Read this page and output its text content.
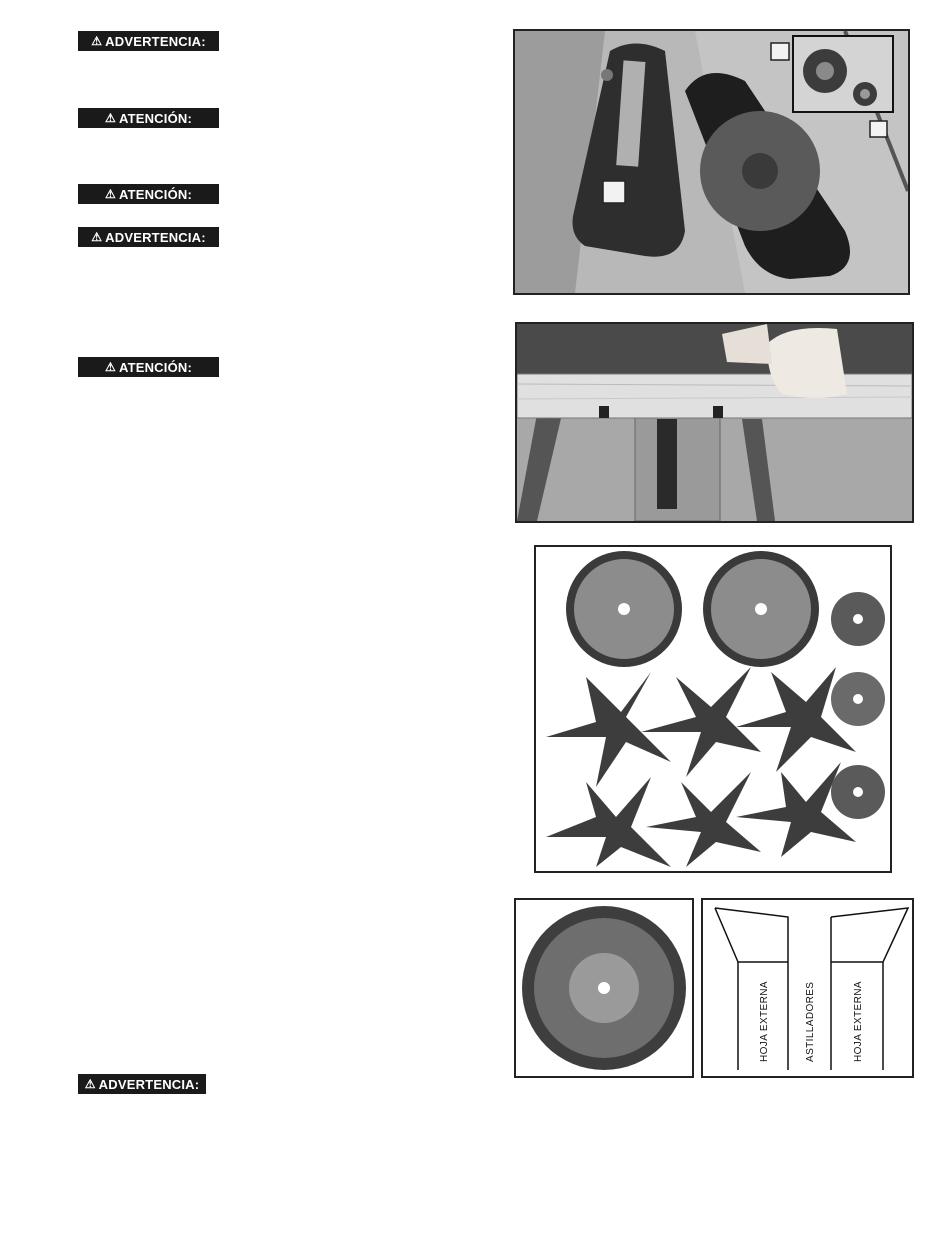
⚠ ADVERTENCIA:
⚠ ATENCIÓN:
⚠ ATENCIÓN:
⚠ ADVERTENCIA:
⚠ ATENCIÓN:
⚠ ADVERTENCIA:
HOJA EXTERNA	ASTILLADORES	HOJA EXTERNA
